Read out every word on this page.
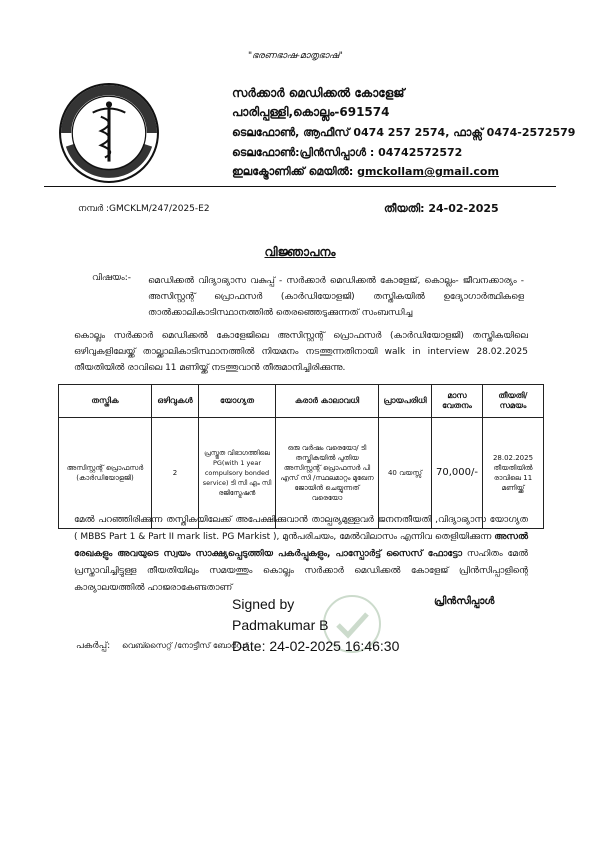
"ഭരണഭാഷ-മാതൃഭാഷ"
സർക്കാർ മെഡിക്കൽ കോളേജ്
പാരിപ്പള്ളി,കൊല്ലം-691574
ടെലഫോൺ, ആഫീസ് 0474 257 2574, ഫാക്സ് 0474-2572579
ടെലഫോൺ:പ്രിൻസിപ്പാൾ : 04742572572
ഇലക്ട്രോണിക്ക് മെയിൽ: gmckollam@gmail.com
നമ്പർ :GMCKLM/247/2025-E2	തീയതി: 24-02-2025
വിജ്ഞാപനം
വിഷയം:- മെഡിക്കൽ വിദ്യാഭ്യാസ വകുപ്പ് - സർക്കാർ മെഡിക്കൽ കോളേജ്, കൊല്ലം- ജീവനക്കാര്യം - അസിസ്റ്റന്റ് പ്രൊഫസർ (കാർഡിയോളജി) തസ്തികയിൽ ഉദ്യോഗാർത്ഥികളെ താൽക്കാലികാടിസ്ഥാനത്തിൽ തെരഞ്ഞെടുക്കുന്നത് സംബന്ധിച്ച
കൊല്ലം സർക്കാർ മെഡിക്കൽ കോളേജിലെ അസിസ്റ്റന്റ് പ്രൊഫസർ (കാർഡിയോളജി) തസ്തികയിലെ ഒഴിവുകളിലേയ്ക്ക് താല്ക്കാലികാടിസ്ഥാനത്തിൽ നിയമനം നടത്തുന്നതിനായി walk in interview 28.02.2025 തീയതിയിൽ രാവിലെ 11 മണിയ്ക്ക് നടത്തുവാൻ തീരുമാനിച്ചിരിക്കുന്നു.
തസ്തിക	ഒഴിവുകൾ	യോഗ്യത	കരാർ കാലാവധി	പ്രായപരിധി	മാസ വേതനം	തീയതി/സമയം
അസിസ്റ്റന്റ് പ്രൊഫസർ (കാർഡിയോളജി)	2	പ്രസ്തുത വിഭാഗത്തിലെ PG(with 1 year compulsory bonded service) ടി സി എം സി രജിസ്ട്രേഷൻ	ഒരു വർഷം വരെയോ/ ടി തസ്തികയിൽ പുതിയ അസിസ്റ്റന്റ് പ്രൊഫസർ പി എസ് സി /സ്ഥലമാറ്റം മുഖേന ജോയിൻ ചെയ്യുന്നത് വരെയോ	40 വയസ്സ്	70,000/-	28.02.2025 തീയതിയിൽ രാവിലെ 11 മണിയ്ക്ക്
മേൽ പറഞ്ഞിരിക്കുന്ന തസ്തികയിലേക്ക് അപേക്ഷിക്കുവാൻ താല്പര്യമുള്ളവർ ജനനതീയതി ,വിദ്യാഭ്യാസ യോഗ്യത ( MBBS Part 1 & Part II mark list. PG Markist ), മുൻപരിചയം, മേൽവിലാസം എന്നിവ തെളിയിക്കുന്ന അസൽ രേഖകളും അവയുടെ സ്വയം സാക്ഷ്യപ്പെടുത്തിയ പകർപ്പുകളും, പാസ്പോർട്ട് സൈസ് ഫോട്ടോ സഹിതം മേൽ പ്രസ്താവിച്ചിട്ടുള്ള തീയതിയിലും സമയത്തും കൊല്ലം സർക്കാർ മെഡിക്കൽ കോളേജ് പ്രിൻസിപ്പാളിന്റെ കാര്യാലയത്തിൽ ഹാജരാകേണ്ടതാണ്
പ്രിൻസിപ്പാൾ
Signed by
Padmakumar B
Date: 24-02-2025 16:46:30
പകർപ്പ്: വെബ്സൈറ്റ് /നോട്ടീസ് ബോർഡ്
